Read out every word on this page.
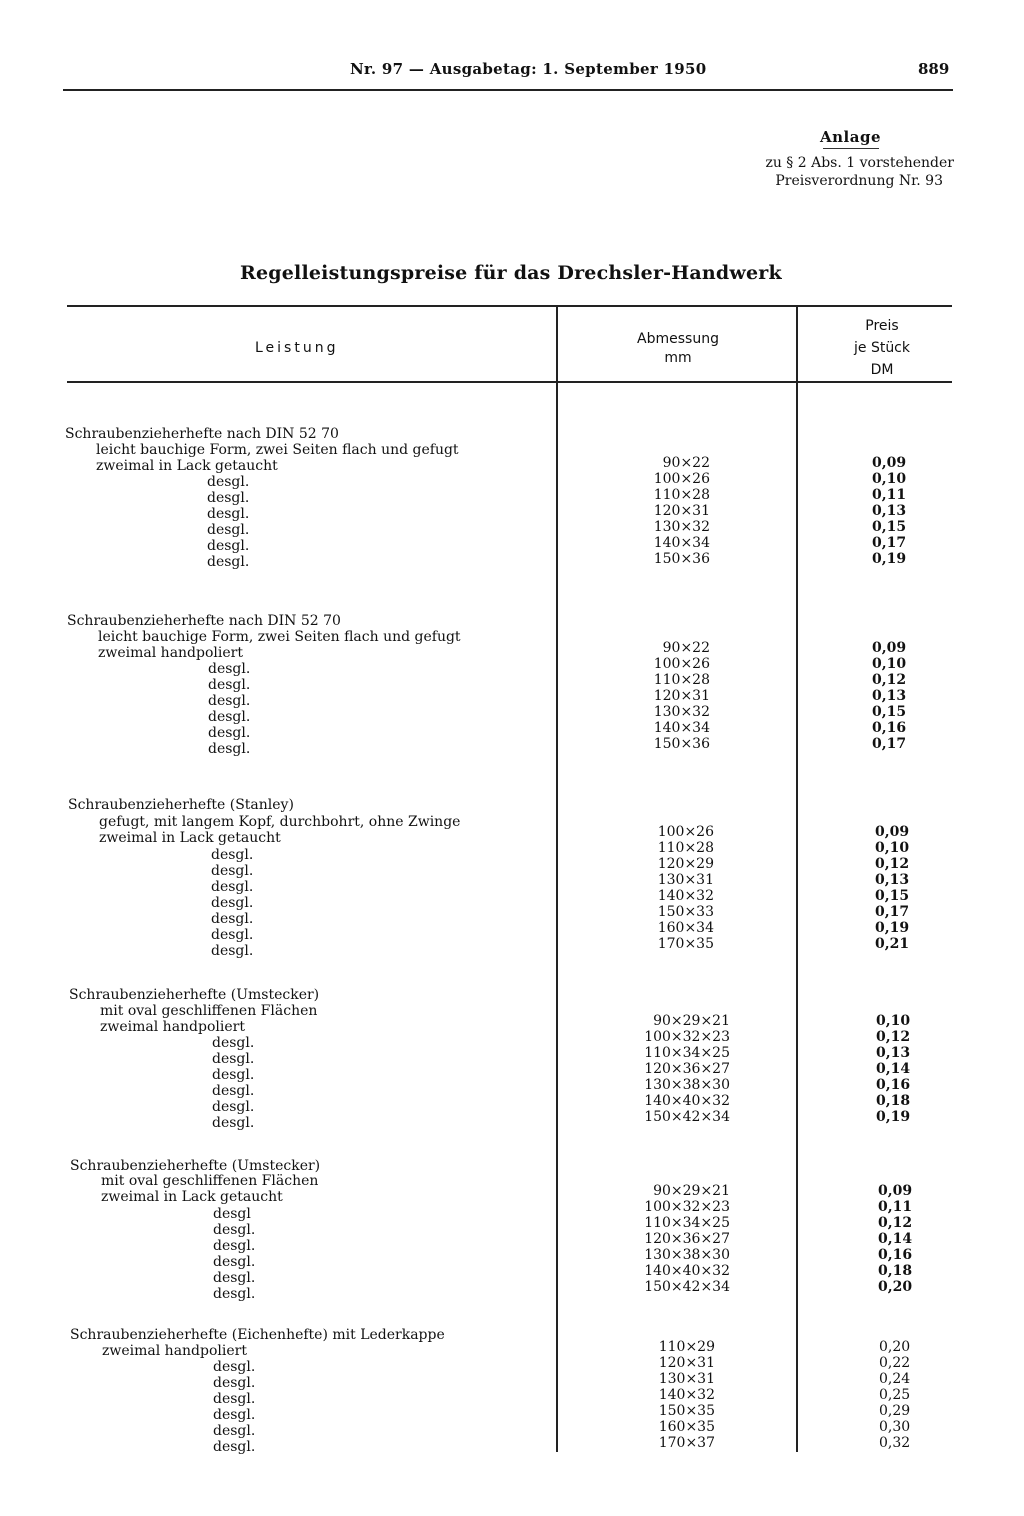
Nr. 97 — Ausgabetag: 1. September 1950	889
Anlage
zu § 2 Abs. 1 vorstehender
Preisverordnung Nr. 93
Regelleistungspreise für das Drechsler-Handwerk
Leistung
Abmessung
mm
Preis
je Stück
DM
Schraubenzieherhefte nach DIN 52 70
leicht bauchige Form, zwei Seiten flach und gefugt
zweimal in Lack getaucht	90×22	0,09
desgl.	100×26	0,10
desgl.	110×28	0,11
desgl.	120×31	0,13
desgl.	130×32	0,15
desgl.	140×34	0,17
desgl.	150×36	0,19
Schraubenzieherhefte nach DIN 52 70
leicht bauchige Form, zwei Seiten flach und gefugt
zweimal handpoliert	90×22	0,09
desgl.	100×26	0,10
desgl.	110×28	0,12
desgl.	120×31	0,13
desgl.	130×32	0,15
desgl.	140×34	0,16
desgl.	150×36	0,17
Schraubenzieherhefte (Stanley)
gefugt, mit langem Kopf, durchbohrt, ohne Zwinge
zweimal in Lack getaucht	100×26	0,09
desgl.	110×28	0,10
desgl.	120×29	0,12
desgl.	130×31	0,13
desgl.	140×32	0,15
desgl.	150×33	0,17
desgl.	160×34	0,19
desgl.	170×35	0,21
Schraubenzieherhefte (Umstecker)
mit oval geschliffenen Flächen
zweimal handpoliert	90×29×21	0,10
desgl.	100×32×23	0,12
desgl.	110×34×25	0,13
desgl.	120×36×27	0,14
desgl.	130×38×30	0,16
desgl.	140×40×32	0,18
desgl.	150×42×34	0,19
Schraubenzieherhefte (Umstecker)
mit oval geschliffenen Flächen
zweimal in Lack getaucht	90×29×21	0,09
desgl	100×32×23	0,11
desgl.	110×34×25	0,12
desgl.	120×36×27	0,14
desgl.	130×38×30	0,16
desgl.	140×40×32	0,18
desgl.	150×42×34	0,20
Schraubenzieherhefte (Eichenhefte) mit Lederkappe
zweimal handpoliert	110×29	0,20
desgl.	120×31	0,22
desgl.	130×31	0,24
desgl.	140×32	0,25
desgl.	150×35	0,29
desgl.	160×35	0,30
desgl.	170×37	0,32
